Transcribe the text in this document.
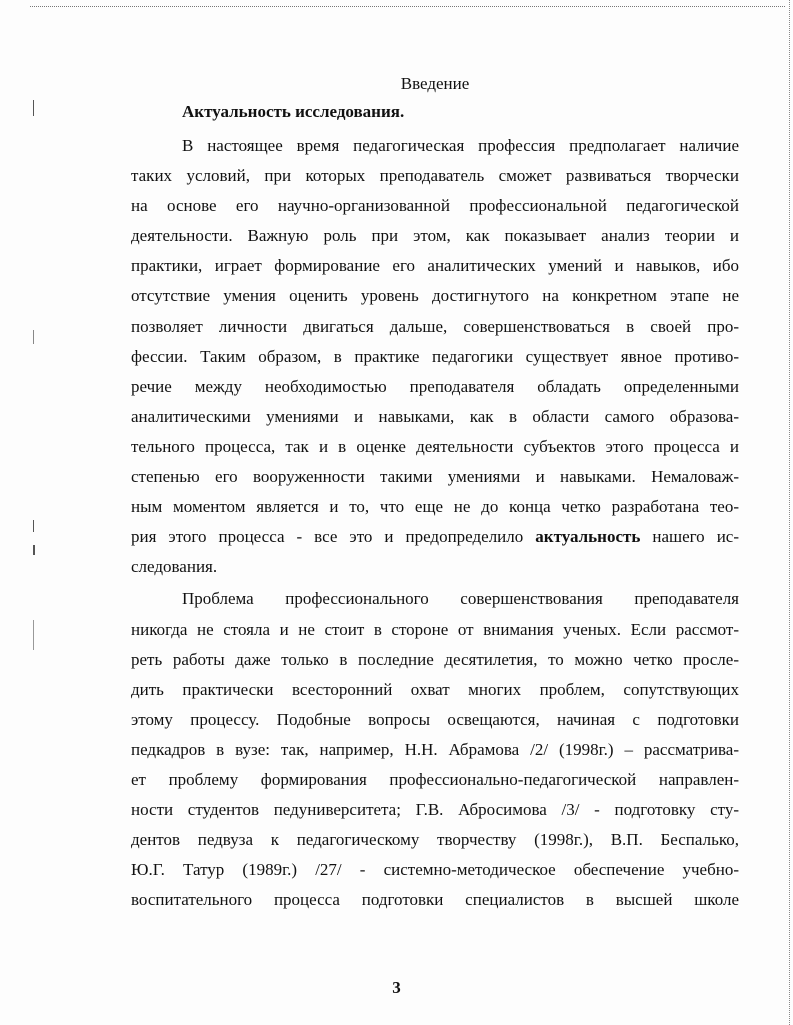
Введение
Актуальность исследования.
В настоящее время педагогическая профессия предполагает наличие
таких условий, при которых преподаватель сможет развиваться творчески
на основе его научно-организованной профессиональной педагогической
деятельности. Важную роль при этом, как показывает анализ теории и
практики, играет формирование его аналитических умений и навыков, ибо
отсутствие умения оценить уровень достигнутого на конкретном этапе не
позволяет личности двигаться дальше, совершенствоваться в своей про-
фессии. Таким образом, в практике педагогики существует явное противо-
речие между необходимостью преподавателя обладать определенными
аналитическими умениями и навыками, как в области самого образова-
тельного процесса, так и в оценке деятельности субъектов этого процесса и
степенью его вооруженности такими умениями и навыками. Немаловаж-
ным моментом является и то, что еще не до конца четко разработана тео-
рия этого процесса - все это и предопределило актуальность нашего ис-
следования.
Проблема профессионального совершенствования преподавателя
никогда не стояла и не стоит в стороне от внимания ученых. Если рассмот-
реть работы даже только в последние десятилетия, то можно четко просле-
дить практически всесторонний охват многих проблем, сопутствующих
этому процессу. Подобные вопросы освещаются, начиная с подготовки
педкадров в вузе: так, например, Н.Н. Абрамова /2/ (1998г.) – рассматрива-
ет проблему формирования профессионально-педагогической направлен-
ности студентов педуниверситета; Г.В. Абросимова /3/ - подготовку сту-
дентов педвуза к педагогическому творчеству (1998г.), В.П. Беспалько,
Ю.Г. Татур (1989г.) /27/ - системно-методическое обеспечение учебно-
воспитательного процесса подготовки специалистов в высшей школе
3
